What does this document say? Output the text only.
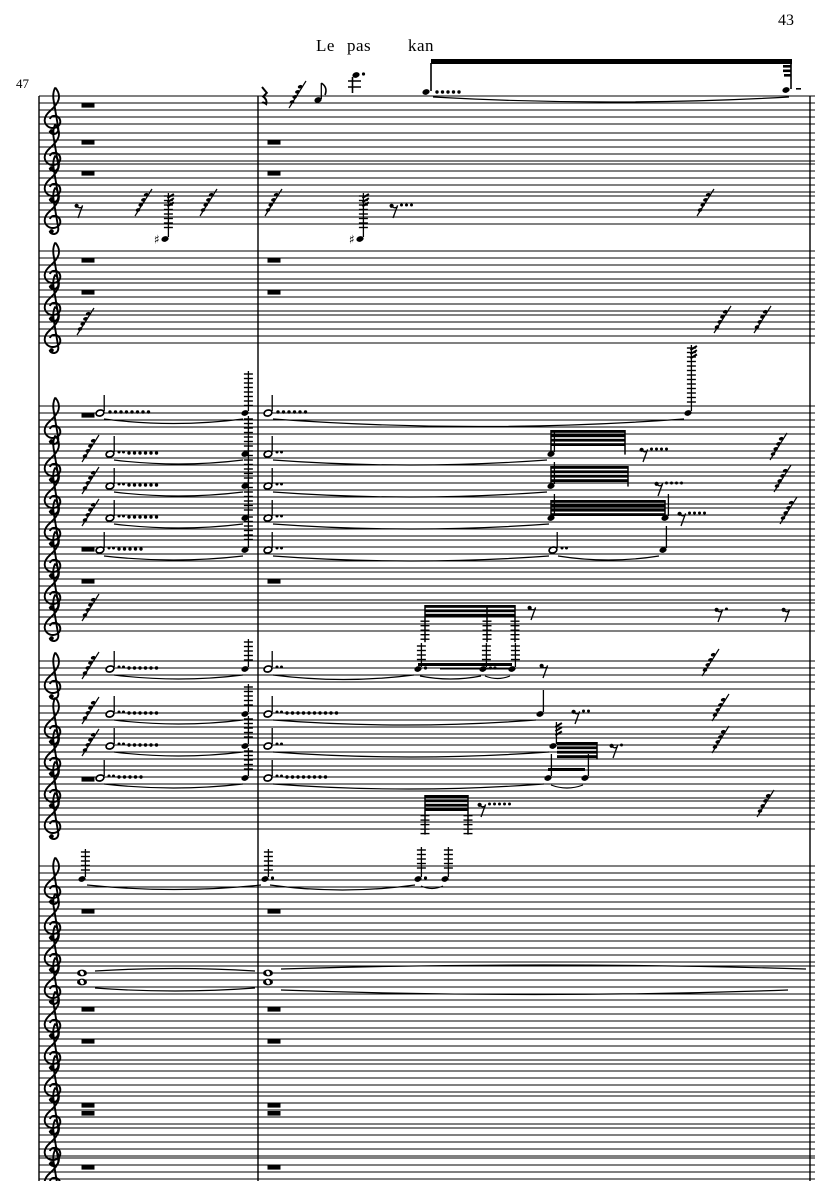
43
47
♯	♯
Le pas kan
